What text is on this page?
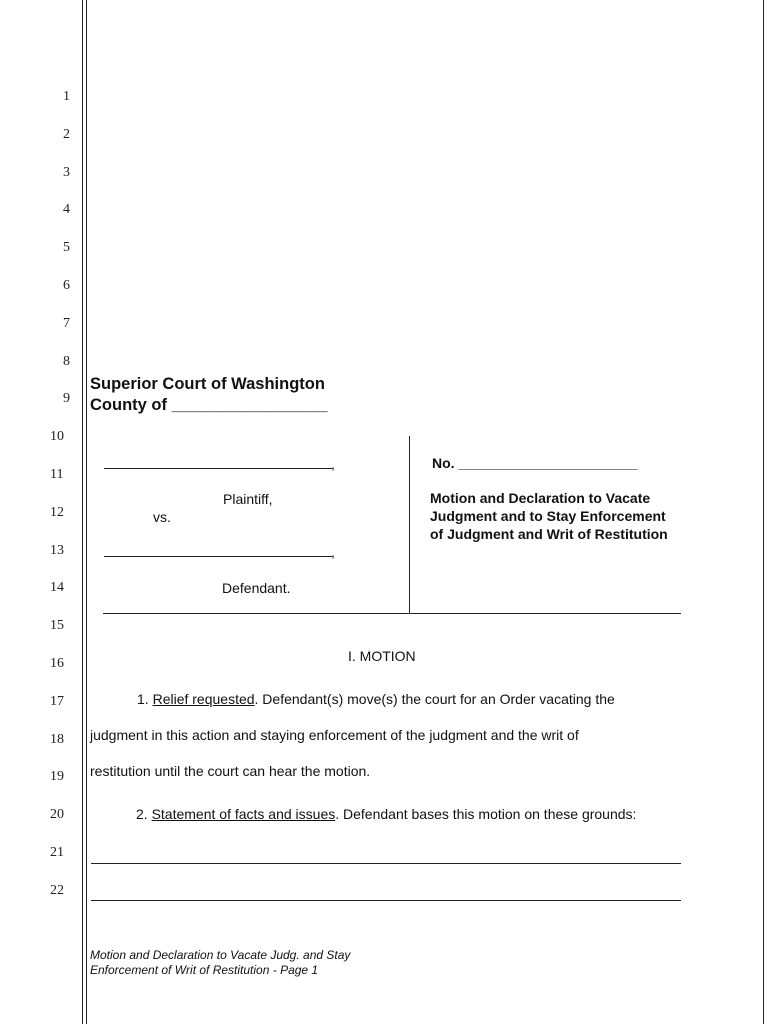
1
2
3
4
5
6
7
8
9
10
11
12
13
14
15
16
17
18
19
20
21
22
Superior Court of Washington
County of _________________
,
Plaintiff,
vs.
,
Defendant.
No. _______________________
Motion and Declaration to Vacate Judgment and to Stay Enforcement of Judgment and Writ of Restitution
I. MOTION
1. Relief requested. Defendant(s) move(s) the court for an Order vacating the
judgment in this action and staying enforcement of the judgment and the writ of
restitution until the court can hear the motion.
2. Statement of facts and issues. Defendant bases this motion on these grounds:
Motion and Declaration to Vacate Judg. and Stay
Enforcement of Writ of Restitution - Page 1
